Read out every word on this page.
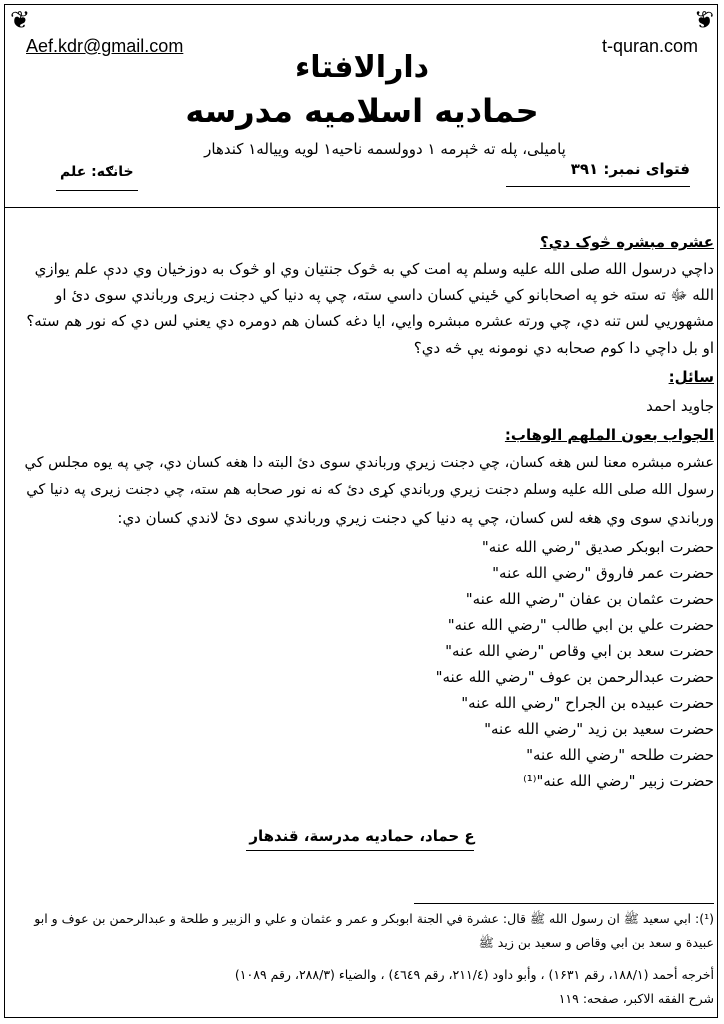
❦	❦
Aef.kdr@gmail.com	t-quran.com
دارالافتاء
حماديه اسلاميه مدرسه
پاميلی، پله ته څېرمه ۱ دوولسمه ناحيه۱ لويه ويياله۱ کندهار
فتوای نمبر: ۳۹۱
خانګه: علم
عشره مبشره څوک دي؟
داچي درسول الله صلی الله عليه وسلم په امت کي به څوک جنتيان وي او څوک به دوزخيان وي ددې علم يوازي
الله ﷻ ته سته خو په اصحابانو کي ځيني کسان داسي سته، چي په دنيا کي دجنت زيری ورباندي سوی دئ او
مشهوريي لس تنه دي، چي ورته عشره مبشره وايي، ايا دغه کسان هم دومره دي يعني لس دي که نور هم سته؟
او بل داچي دا کوم صحابه دي نومونه يې څه دي؟
سائل:
جاويد احمد
الجواب بعون الملهم الوهاب:
عشره مبشره معنا لس هغه کسان، چي دجنت زيري ورباندي سوی دئ البته دا هغه کسان دي، چي په يوه مجلس کي
رسول الله صلی الله عليه وسلم دجنت زيري ورباندي کړی دئ که نه نور صحابه هم سته، چي دجنت زيری په دنيا کي
ورباندي سوی وي هغه لس کسان، چي په دنيا کي دجنت زيري ورباندي سوی دئ لاندي کسان دي:
حضرت ابوبکر صديق "رضي الله عنه"
حضرت عمر فاروق "رضي الله عنه"
حضرت عثمان بن عفان "رضي الله عنه"
حضرت علي بن ابي طالب "رضي الله عنه"
حضرت سعد بن ابي وقاص "رضي الله عنه"
حضرت عبدالرحمن بن عوف "رضي الله عنه"
حضرت عبيده بن الجراح "رضي الله عنه"
حضرت سعيد بن زيد "رضي الله عنه"
حضرت طلحه "رضي الله عنه"
حضرت زبير "رضي الله عنه"⁽¹⁾
ع حماد، حماديه مدرسة، قندهار
(¹): ابي سعيد ﷺ ان رسول الله ﷺ قال: عشرة في الجنة ابوبكر و عمر و عثمان و علي و الزبير و طلحة و عبدالرحمن بن عوف و ابو
عبيدة و سعد بن ابي وقاص و سعيد بن زيد ﷺ
أخرجه أحمد (۱۸۸/۱، رقم ۱۶۳۱) ، وأبو داود (۲۱۱/٤، رقم ٤٦٤٩) ، والضياء (۲۸۸/۳، رقم ۱۰۸۹)
شرح الفقه الاکبر، صفحه: ۱۱۹
